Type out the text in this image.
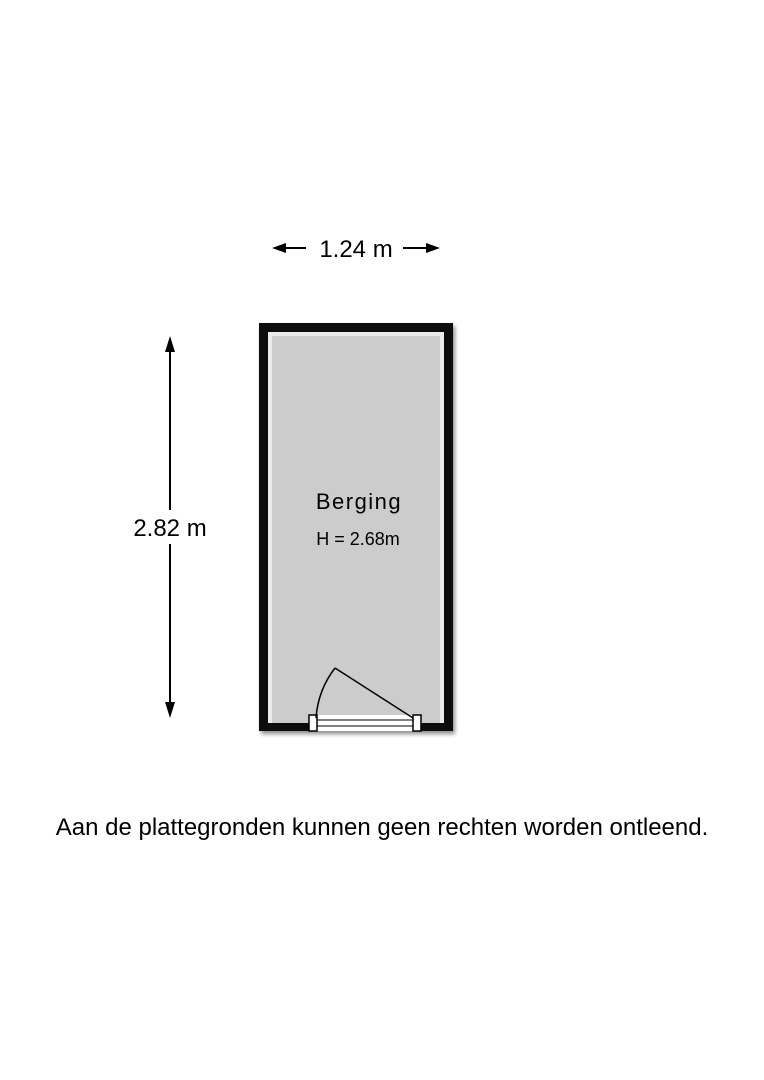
1.24 m
2.82 m
Berging
H = 2.68m
Aan de plattegronden kunnen geen rechten worden ontleend.
